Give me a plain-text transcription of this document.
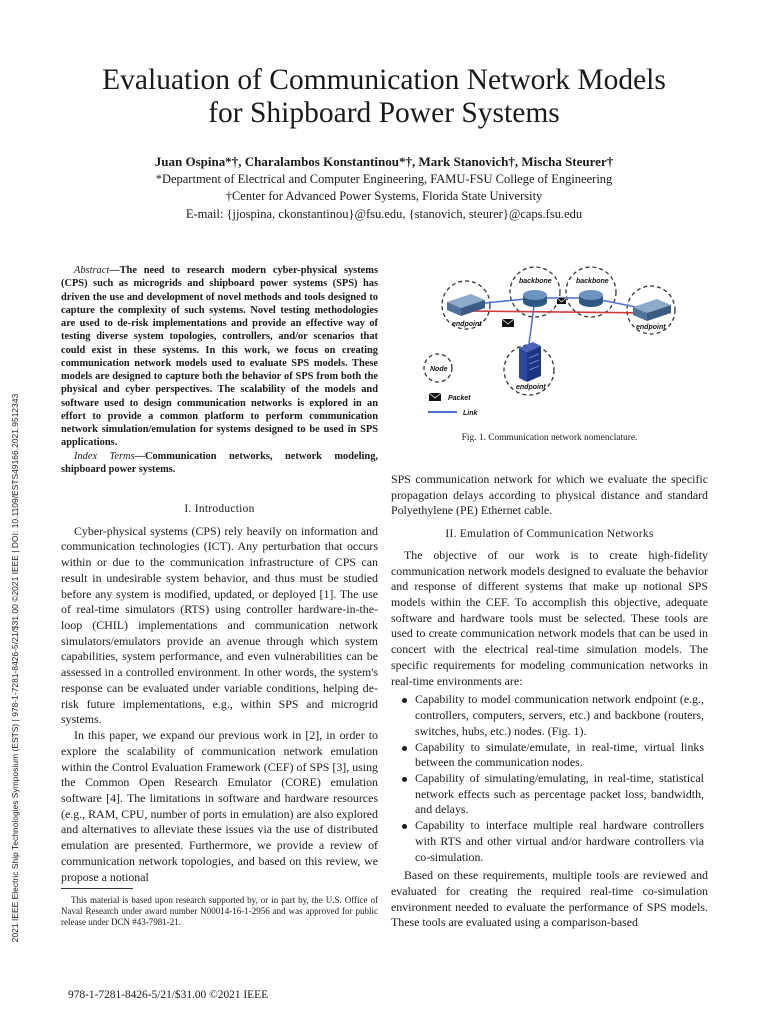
2021 IEEE Electric Ship Technologies Symposium (ESTS) | 978-1-7281-8426-5/21/$31.00 ©2021 IEEE | DOI: 10.1109/ESTS49166.2021.9512343
Evaluation of Communication Network Models
for Shipboard Power Systems
Juan Ospina*†, Charalambos Konstantinou*†, Mark Stanovich†, Mischa Steurer†
*Department of Electrical and Computer Engineering, FAMU-FSU College of Engineering
†Center for Advanced Power Systems, Florida State University
E-mail: {jjospina, ckonstantinou}@fsu.edu, {stanovich, steurer}@caps.fsu.edu
Abstract—The need to research modern cyber-physical systems (CPS) such as microgrids and shipboard power systems (SPS) has driven the use and development of novel methods and tools designed to capture the complexity of such systems. Novel testing methodologies are used to de-risk implementations and provide an effective way of testing diverse system topologies, controllers, and/or scenarios that could exist in these systems. In this work, we focus on creating communication network models used to evaluate SPS models. These models are designed to capture both the behavior of SPS from both the physical and cyber perspectives. The scalability of the models and software used to design communication networks is explored in an effort to provide a common platform to perform communication network simulation/emulation for systems designed to be used in SPS applications.
Index Terms—Communication networks, network modeling, shipboard power systems.
I. Introduction

Cyber-physical systems (CPS) rely heavily on information and communication technologies (ICT). Any perturbation that occurs within or due to the communication infrastructure of CPS can result in undesirable system behavior, and thus must be studied before any system is modified, updated, or deployed [1]. The use of real-time simulators (RTS) using controller hardware-in-the-loop (CHIL) implementations and communication network simulators/emulators provide an avenue through which system capabilities, system performance, and even vulnerabilities can be assessed in a controlled environment. In other words, the system's response can be evaluated under variable conditions, helping de-risk future implementations, e.g., within SPS and microgrid systems.

In this paper, we expand our previous work in [2], in order to explore the scalability of communication network emulation within the Control Evaluation Framework (CEF) of SPS [3], using the Common Open Research Emulator (CORE) emulation software [4]. The limitations in software and hardware resources (e.g., RAM, CPU, number of ports in emulation) are also explored and alternatives to alleviate these issues via the use of distributed emulation are presented. Furthermore, we provide a review of communication network topologies, and based on this review, we propose a notional

This material is based upon research supported by, or in part by, the U.S. Office of Naval Research under award number N00014-16-1-2956 and was approved for public release under DCN #43-7981-21.
978-1-7281-8426-5/21/$31.00 ©2021 IEEE
backbone	backbone
endpoint	endpoint
endpoint
Node
Packet
Link
Fig. 1. Communication network nomenclature.

SPS communication network for which we evaluate the specific propagation delays according to physical distance and standard Polyethylene (PE) Ethernet cable.

II. Emulation of Communication Networks

The objective of our work is to create high-fidelity communication network models designed to evaluate the behavior and response of different systems that make up notional SPS models within the CEF. To accomplish this objective, adequate software and hardware tools must be selected. These tools are used to create communication network models that can be used in concert with the electrical real-time simulation models. The specific requirements for modeling communication networks in real-time environments are:

Capability to model communication network endpoint (e.g., controllers, computers, servers, etc.) and backbone (routers, switches, hubs, etc.) nodes. (Fig. 1).
Capability to simulate/emulate, in real-time, virtual links between the communication nodes.
Capability of simulating/emulating, in real-time, statistical network effects such as percentage packet loss, bandwidth, and delays.
Capability to interface multiple real hardware controllers with RTS and other virtual and/or hardware controllers via co-simulation.

Based on these requirements, multiple tools are reviewed and evaluated for creating the required real-time co-simulation environment needed to evaluate the performance of SPS models. These tools are evaluated using a comparison-based
